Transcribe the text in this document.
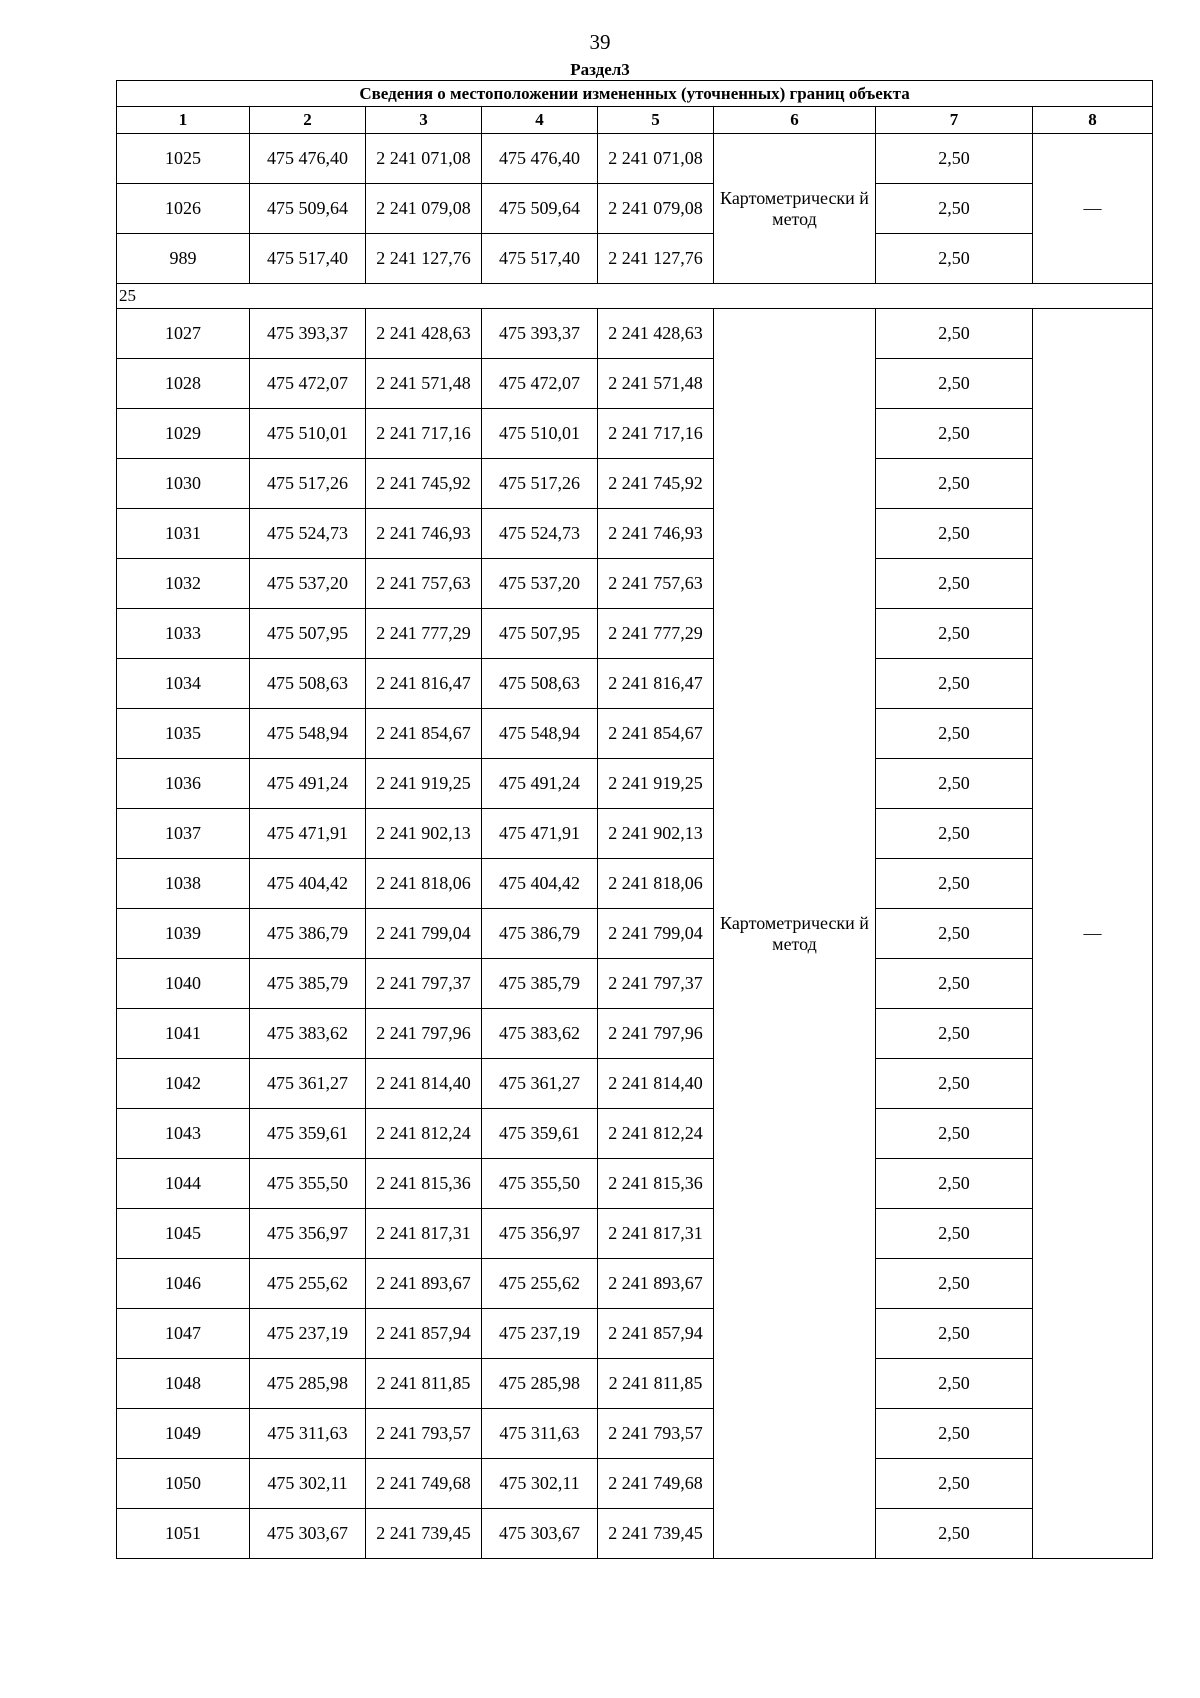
39
Раздел3
Сведения о местоположении измененных (уточненных) границ объекта							
1	2	3	4	5	6	7	8
1025	475 476,40	2 241 071,08	475 476,40	2 241 071,08	Картометрически й метод	2,50	—
1026	475 509,64	2 241 079,08	475 509,64	2 241 079,08		2,50	
989	475 517,40	2 241 127,76	475 517,40	2 241 127,76		2,50	
25							
1027	475 393,37	2 241 428,63	475 393,37	2 241 428,63	Картометрически й метод	2,50	—
1028	475 472,07	2 241 571,48	475 472,07	2 241 571,48		2,50	
1029	475 510,01	2 241 717,16	475 510,01	2 241 717,16		2,50	
1030	475 517,26	2 241 745,92	475 517,26	2 241 745,92		2,50	
1031	475 524,73	2 241 746,93	475 524,73	2 241 746,93		2,50	
1032	475 537,20	2 241 757,63	475 537,20	2 241 757,63		2,50	
1033	475 507,95	2 241 777,29	475 507,95	2 241 777,29		2,50	
1034	475 508,63	2 241 816,47	475 508,63	2 241 816,47		2,50	
1035	475 548,94	2 241 854,67	475 548,94	2 241 854,67		2,50	
1036	475 491,24	2 241 919,25	475 491,24	2 241 919,25		2,50	
1037	475 471,91	2 241 902,13	475 471,91	2 241 902,13		2,50	
1038	475 404,42	2 241 818,06	475 404,42	2 241 818,06		2,50	
1039	475 386,79	2 241 799,04	475 386,79	2 241 799,04		2,50	
1040	475 385,79	2 241 797,37	475 385,79	2 241 797,37		2,50	
1041	475 383,62	2 241 797,96	475 383,62	2 241 797,96		2,50	
1042	475 361,27	2 241 814,40	475 361,27	2 241 814,40		2,50	
1043	475 359,61	2 241 812,24	475 359,61	2 241 812,24		2,50	
1044	475 355,50	2 241 815,36	475 355,50	2 241 815,36		2,50	
1045	475 356,97	2 241 817,31	475 356,97	2 241 817,31		2,50	
1046	475 255,62	2 241 893,67	475 255,62	2 241 893,67		2,50	
1047	475 237,19	2 241 857,94	475 237,19	2 241 857,94		2,50	
1048	475 285,98	2 241 811,85	475 285,98	2 241 811,85		2,50	
1049	475 311,63	2 241 793,57	475 311,63	2 241 793,57		2,50	
1050	475 302,11	2 241 749,68	475 302,11	2 241 749,68		2,50	
1051	475 303,67	2 241 739,45	475 303,67	2 241 739,45		2,50	
